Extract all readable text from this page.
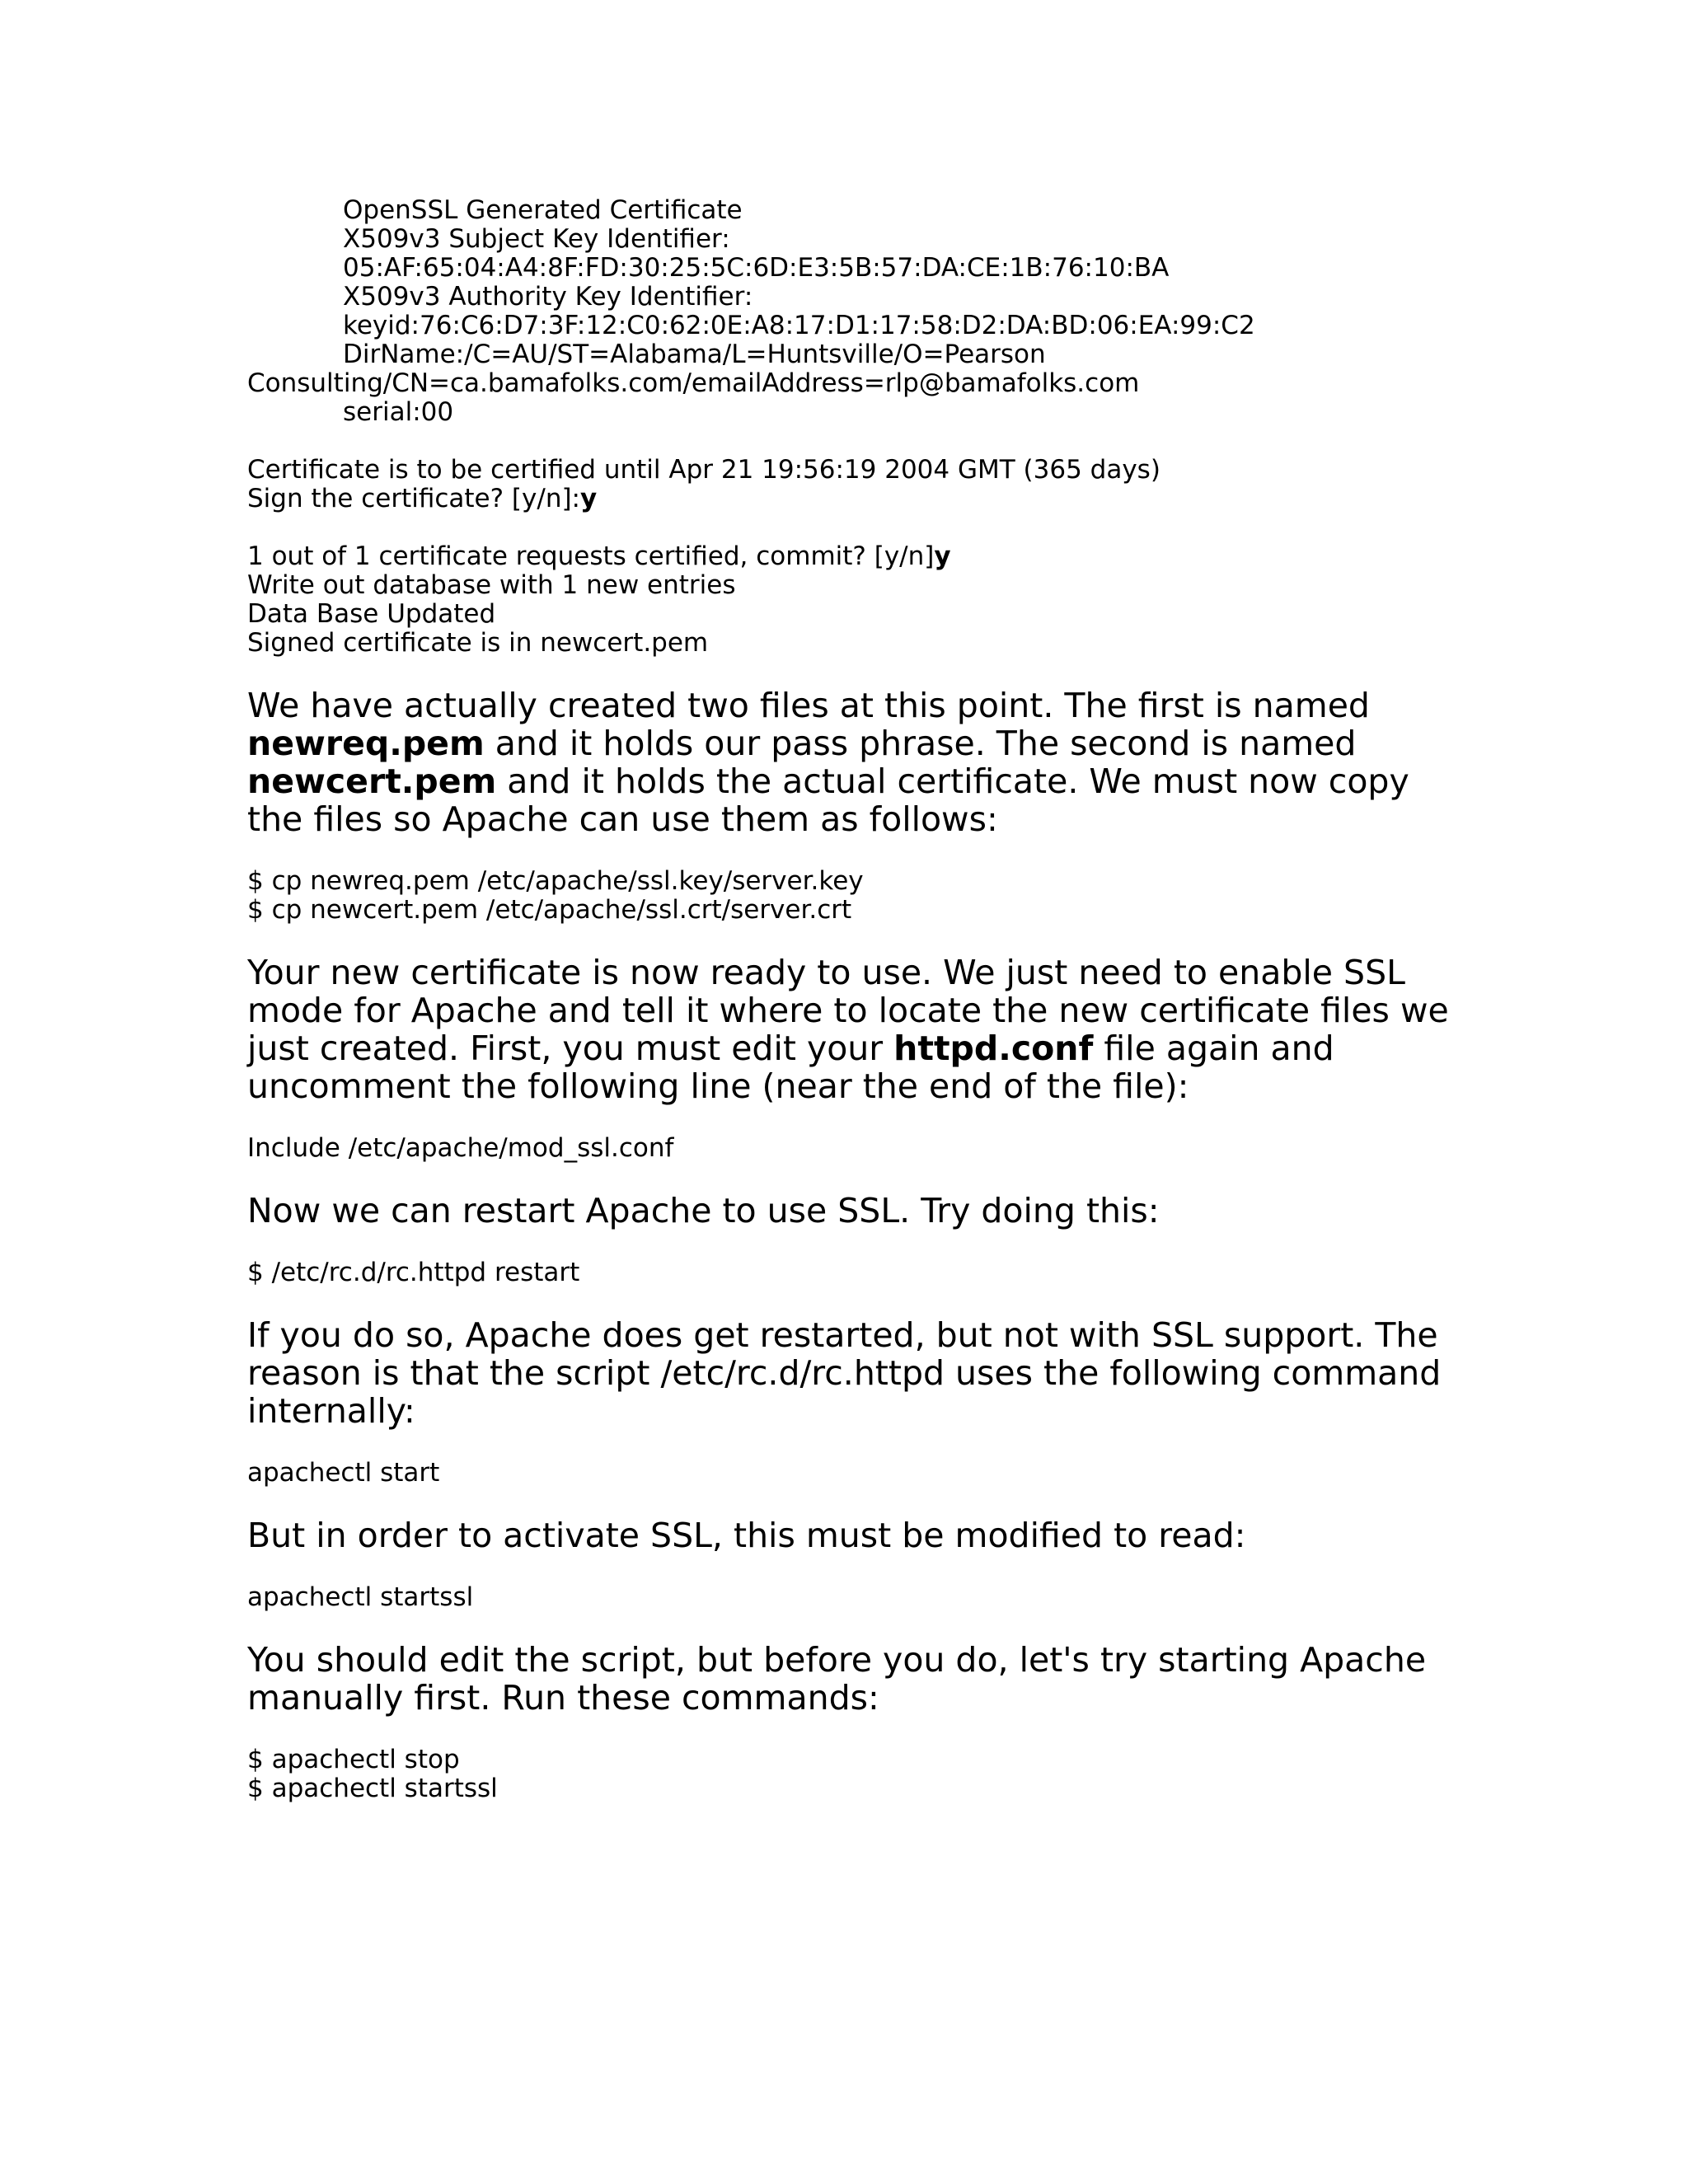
OpenSSL Generated Certificate

X509v3 Subject Key Identifier:

05:AF:65:04:A4:8F:FD:30:25:5C:6D:E3:5B:57:DA:CE:1B:76:10:BA

X509v3 Authority Key Identifier:

keyid:76:C6:D7:3F:12:C0:62:0E:A8:17:D1:17:58:D2:DA:BD:06:EA:99:C2

DirName:/C=AU/ST=Alabama/L=Huntsville/O=Pearson

Consulting/CN=ca.bamafolks.com/emailAddress=rlp@bamafolks.com

serial:00

Certificate is to be certified until Apr 21 19:56:19 2004 GMT (365 days)

Sign the certificate? [y/n]:y

1 out of 1 certificate requests certified, commit? [y/n]y

Write out database with 1 new entries

Data Base Updated

Signed certificate is in newcert.pem

We have actually created two files at this point. The first is named newreq.pem and it holds our pass phrase. The second is named newcert.pem and it holds the actual certificate. We must now copy the files so Apache can use them as follows:

$ cp newreq.pem /etc/apache/ssl.key/server.key

$ cp newcert.pem /etc/apache/ssl.crt/server.crt

Your new certificate is now ready to use. We just need to enable SSL mode for Apache and tell it where to locate the new certificate files we just created. First, you must edit your httpd.conf file again and uncomment the following line (near the end of the file):

Include /etc/apache/mod_ssl.conf

Now we can restart Apache to use SSL. Try doing this:

$ /etc/rc.d/rc.httpd restart

If you do so, Apache does get restarted, but not with SSL support. The reason is that the script /etc/rc.d/rc.httpd uses the following command internally:

apachectl start

But in order to activate SSL, this must be modified to read:

apachectl startssl

You should edit the script, but before you do, let's try starting Apache manually first. Run these commands:

$ apachectl stop

$ apachectl startssl
